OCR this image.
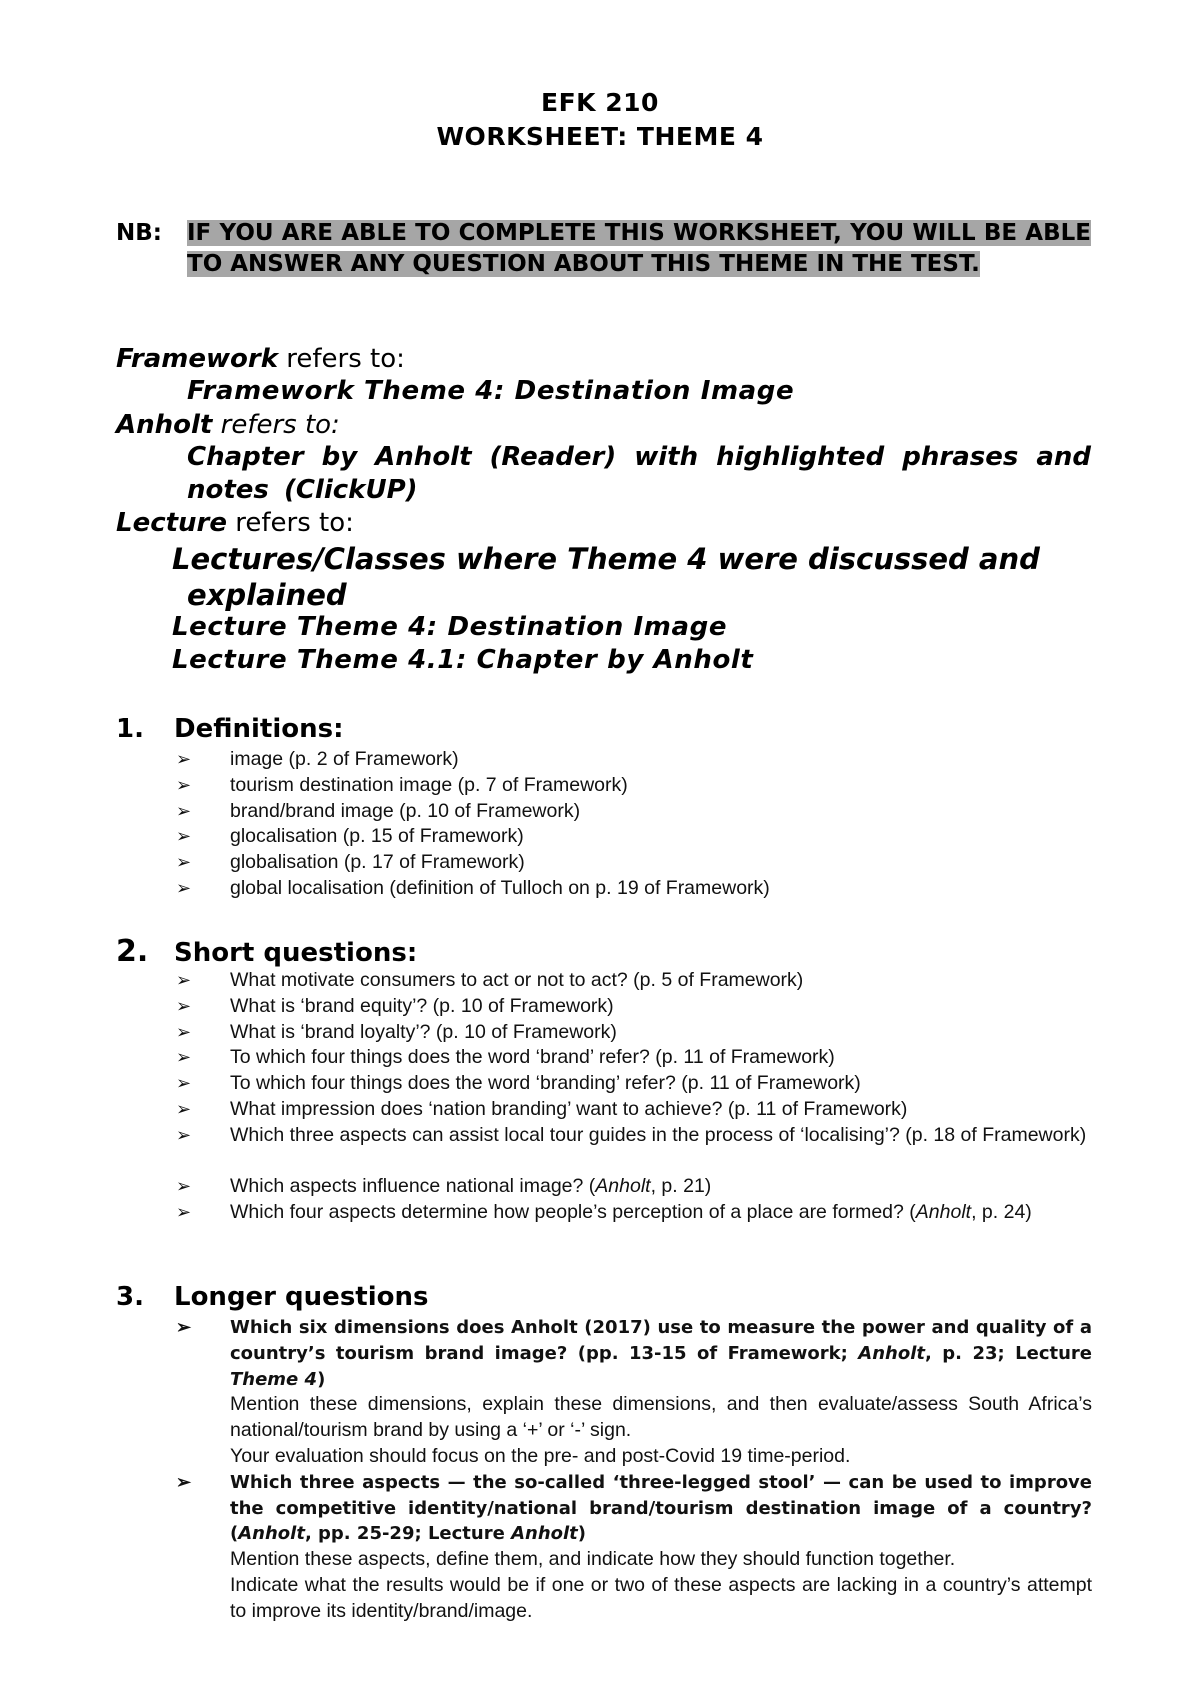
EFK 210
WORKSHEET: THEME 4
NB: IF YOU ARE ABLE TO COMPLETE THIS WORKSHEET, YOU WILL BE ABLE TO ANSWER ANY QUESTION ABOUT THIS THEME IN THE TEST.
Framework refers to:
Framework Theme 4: Destination Image
Anholt refers to:
Chapter by Anholt (Reader) with highlighted phrases and notes (ClickUP)
Lecture refers to:
Lectures/Classes where Theme 4 were discussed and explained
Lecture Theme 4: Destination Image
Lecture Theme 4.1: Chapter by Anholt
1. Definitions:
➢ image (p. 2 of Framework)
➢ tourism destination image (p. 7 of Framework)
➢ brand/brand image (p. 10 of Framework)
➢ glocalisation (p. 15 of Framework)
➢ globalisation (p. 17 of Framework)
➢ global localisation (definition of Tulloch on p. 19 of Framework)
2. Short questions:
➢ What motivate consumers to act or not to act? (p. 5 of Framework)
➢ What is ‘brand equity’? (p. 10 of Framework)
➢ What is ‘brand loyalty’? (p. 10 of Framework)
➢ To which four things does the word ‘brand’ refer? (p. 11 of Framework)
➢ To which four things does the word ‘branding’ refer? (p. 11 of Framework)
➢ What impression does ‘nation branding’ want to achieve? (p. 11 of Framework)
➢ Which three aspects can assist local tour guides in the process of ‘localising’? (p. 18 of Framework)
➢ Which aspects influence national image? (Anholt, p. 21)
➢ Which four aspects determine how people’s perception of a place are formed? (Anholt, p. 24)
3. Longer questions
➢ Which six dimensions does Anholt (2017) use to measure the power and quality of a country’s tourism brand image? (pp. 13-15 of Framework; Anholt, p. 23; Lecture Theme 4)
Mention these dimensions, explain these dimensions, and then evaluate/assess South Africa’s national/tourism brand by using a ‘+’ or ‘-’ sign.
Your evaluation should focus on the pre- and post-Covid 19 time-period.
➢ Which three aspects — the so-called ‘three-legged stool’ — can be used to improve the competitive identity/national brand/tourism destination image of a country? (Anholt, pp. 25-29; Lecture Anholt)
Mention these aspects, define them, and indicate how they should function together.
Indicate what the results would be if one or two of these aspects are lacking in a country’s attempt to improve its identity/brand/image.
